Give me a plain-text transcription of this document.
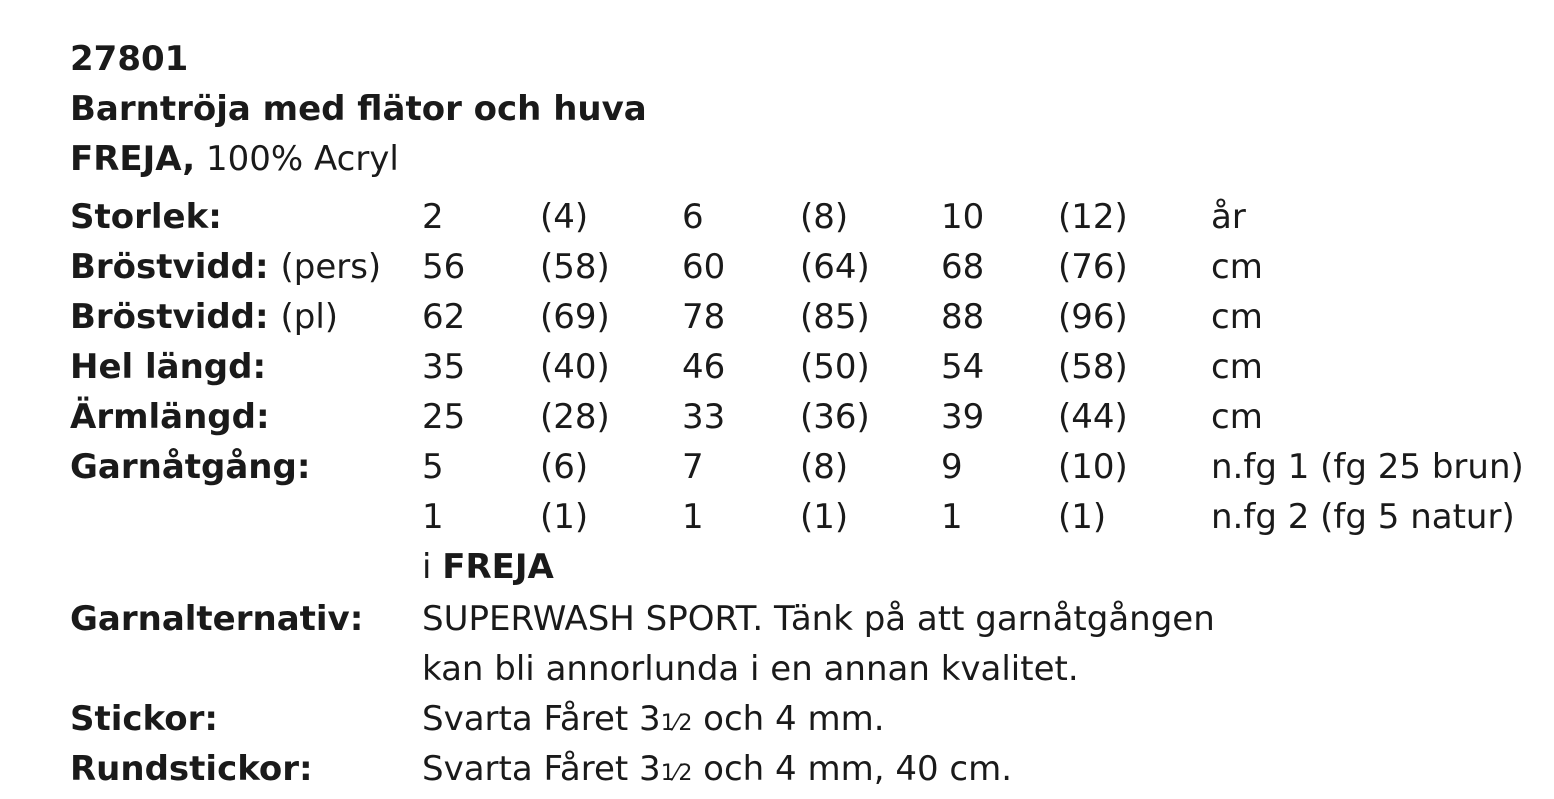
27801
Barntröja med flätor och huva
FREJA, 100% Acryl
Storlek:	2	(4)	6	(8)	10 (12) år
Bröstvidd: (pers) 56 (58) 60 (64) 68 (76) cm
Bröstvidd: (pl) 62 (69) 78 (85) 88 (96) cm
Hel längd:	35 (40) 46 (50) 54 (58) cm
Ärmlängd:	25 (28) 33 (36) 39 (44) cm
Garnåtgång:	5	(6)	7	(8)	9	(10) n.fg 1 (fg 25 brun)
1	(1)	1	(1)	1	(1)	n.fg 2 (fg 5 natur)
i FREJA
Garnalternativ: SUPERWASH SPORT. Tänk på att garnåtgången
kan bli annorlunda i en annan kvalitet.
Stickor:	Svarta Fåret 31⁄2 och 4 mm.
Rundstickor:	Svarta Fåret 31⁄2 och 4 mm, 40 cm.
